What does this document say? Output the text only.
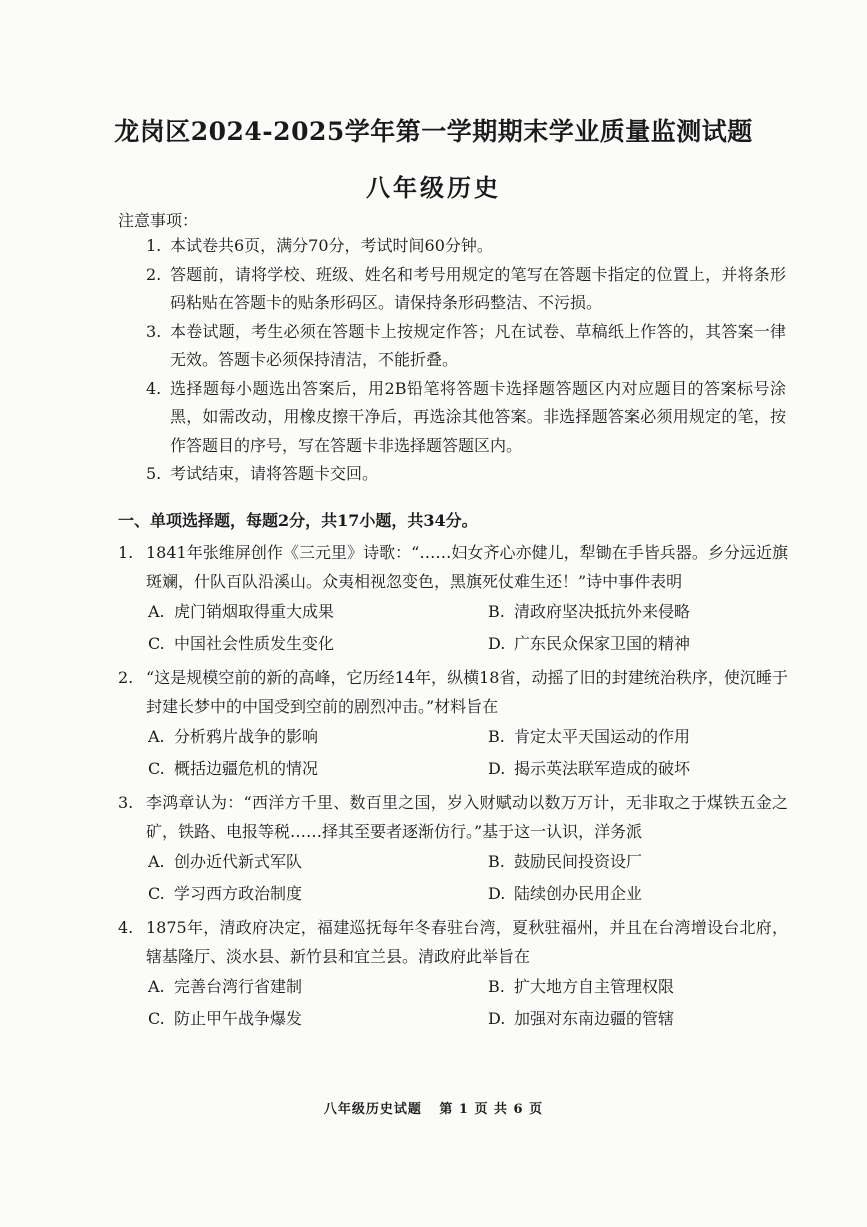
龙岗区2024-2025学年第一学期期末学业质量监测试题
八年级历史
注意事项：
1. 本试卷共6页，满分70分，考试时间60分钟。
2. 答题前，请将学校、班级、姓名和考号用规定的笔写在答题卡指定的位置上，并将条形码粘贴在答题卡的贴条形码区。请保持条形码整洁、不污损。
3. 本卷试题，考生必须在答题卡上按规定作答；凡在试卷、草稿纸上作答的，其答案一律无效。答题卡必须保持清洁，不能折叠。
4. 选择题每小题选出答案后，用2B铅笔将答题卡选择题答题区内对应题目的答案标号涂黑，如需改动，用橡皮擦干净后，再选涂其他答案。非选择题答案必须用规定的笔，按作答题目的序号，写在答题卡非选择题答题区内。
5. 考试结束，请将答题卡交回。
一、单项选择题，每题2分，共17小题，共34分。
1. 1841年张维屏创作《三元里》诗歌：“……妇女齐心亦健儿，犁锄在手皆兵器。乡分远近旗斑斓，什队百队沿溪山。众夷相视忽变色，黑旗死仗难生还！”诗中事件表明
A. 虎门销烟取得重大成果	B. 清政府坚决抵抗外来侵略
C. 中国社会性质发生变化	D. 广东民众保家卫国的精神
2. “这是规模空前的新的高峰，它历经14年，纵横18省，动摇了旧的封建统治秩序，使沉睡于封建长梦中的中国受到空前的剧烈冲击。”材料旨在
A. 分析鸦片战争的影响	B. 肯定太平天国运动的作用
C. 概括边疆危机的情况	D. 揭示英法联军造成的破坏
3. 李鸿章认为：“西洋方千里、数百里之国，岁入财赋动以数万万计，无非取之于煤铁五金之矿，铁路、电报等税……择其至要者逐渐仿行。”基于这一认识，洋务派
A. 创办近代新式军队	B. 鼓励民间投资设厂
C. 学习西方政治制度	D. 陆续创办民用企业
4. 1875年，清政府决定，福建巡抚每年冬春驻台湾，夏秋驻福州，并且在台湾增设台北府，辖基隆厅、淡水县、新竹县和宜兰县。清政府此举旨在
A. 完善台湾行省建制	B. 扩大地方自主管理权限
C. 防止甲午战争爆发	D. 加强对东南边疆的管辖
八年级历史试题 第 1 页 共 6 页
